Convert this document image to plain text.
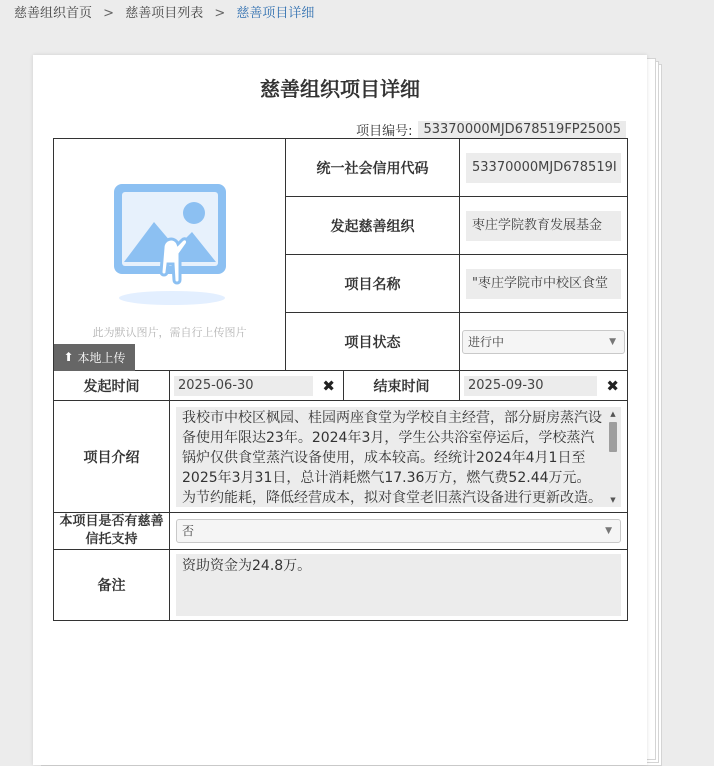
慈善组织首页 > 慈善项目列表 > 慈善项目详细
慈善组织项目详细
项目编号: 53370000MJD678519FP25005
此为默认图片，需自行上传图片
⬆ 本地上传		统一社会信用代码		53370000MJD678519I

		发起慈善组织		枣庄学院教育发展基金

		项目名称		"枣庄学院市中校区食堂

		项目状态		进行中 ▼

发起时间	2025-06-30 ✖		结束时间	2025-09-30 ✖

项目介绍	我校市中校区枫园、桂园两座食堂为学校自主经营，部分厨房蒸汽设备使用年限达23年。2024年3月，学生公共浴室停运后，学校蒸汽锅炉仅供食堂蒸汽设备使用，成本较高。经统计2024年4月1日至2025年3月31日，总计消耗燃气17.36万方，燃气费52.44万元。为节约能耗，降低经营成本，拟对食堂老旧蒸汽设备进行更新改造。
▲
▼			

本项目是否有慈善信托支持	否 ▼			

备注	资助资金为24.8万。			
